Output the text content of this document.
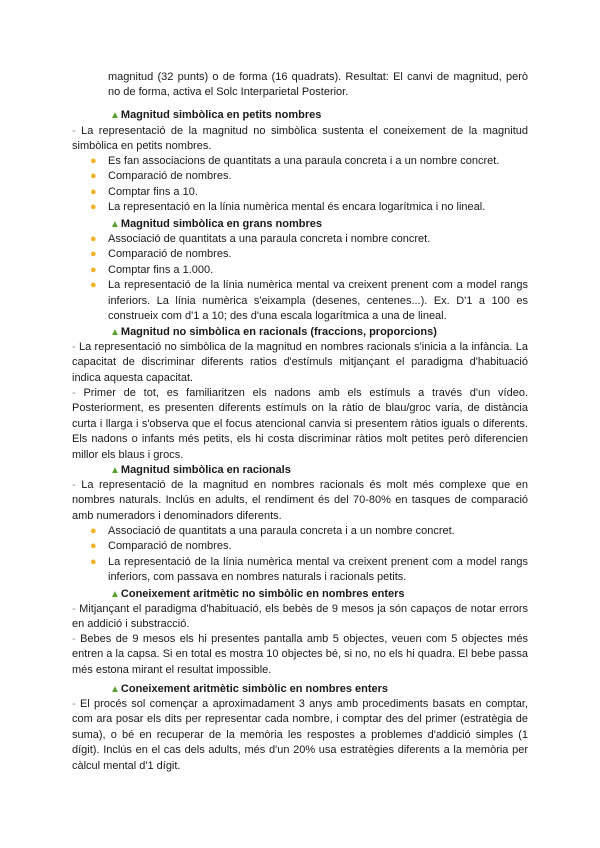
magnitud (32 punts) o de forma (16 quadrats). Resultat: El canvi de magnitud, però no de forma, activa el Solc Interparietal Posterior.

▲Magnitud simbòlica en petits nombres

- La representació de la magnitud no simbòlica sustenta el coneixement de la magnitud simbòlica en petits nombres.

● Es fan associacions de quantitats a una paraula concreta i a un nombre concret.
● Comparació de nombres.
● Comptar fins a 10.
● La representació en la línia numèrica mental és encara logarítmica i no lineal.
▲Magnitud simbòlica en grans nombres
● Associació de quantitats a una paraula concreta i nombre concret.
● Comparació de nombres.
● Comptar fins a 1.000.
● La representació de la línia numèrica mental va creixent prenent com a model rangs inferiors. La línia numèrica s'eixampla (desenes, centenes...). Ex. D'1 a 100 es construeix com d'1 a 10; des d'una escala logarítmica a una de lineal.
▲Magnitud no simbòlica en racionals (fraccions, proporcions)

- La representació no simbòlica de la magnitud en nombres racionals s'inicia a la infància. La capacitat de discriminar diferents ratios d'estímuls mitjançant el paradigma d'habituació indica aquesta capacitat.

- Primer de tot, es familiaritzen els nadons amb els estímuls a través d'un vídeo. Posteriorment, es presenten diferents estímuls on la ràtio de blau/groc varia, de distància curta i llarga i s'observa que el focus atencional canvia si presentem ràtios iguals o diferents. Els nadons o infants més petits, els hi costa discriminar ràtios molt petites però diferencien millor els blaus i grocs.

▲Magnitud simbòlica en racionals

- La representació de la magnitud en nombres racionals és molt més complexe que en nombres naturals. Inclús en adults, el rendiment és del 70-80% en tasques de comparació amb numeradors i denominadors diferents.

● Associació de quantitats a una paraula concreta i a un nombre concret.
● Comparació de nombres.
● La representació de la línia numèrica mental va creixent prenent com a model rangs inferiors, com passava en nombres naturals i racionals petits.
▲Coneixement aritmètic no simbòlic en nombres enters

- Mitjançant el paradigma d'habituació, els bebès de 9 mesos ja són capaços de notar errors en addició i substracció.

- Bebes de 9 mesos els hi presentes pantalla amb 5 objectes, veuen com 5 objectes més entren a la capsa. Si en total es mostra 10 objectes bé, si no, no els hi quadra. El bebe passa més estona mirant el resultat impossible.

▲Coneixement aritmètic simbòlic en nombres enters

- El procés sol començar a aproximadament 3 anys amb procediments basats en comptar, com ara posar els dits per representar cada nombre, i comptar des del primer (estratègia de suma), o bé en recuperar de la memòria les respostes a problemes d'addició simples (1 dígit). Inclús en el cas dels adults, més d'un 20% usa estratègies diferents a la memòria per càlcul mental d'1 dígit.
